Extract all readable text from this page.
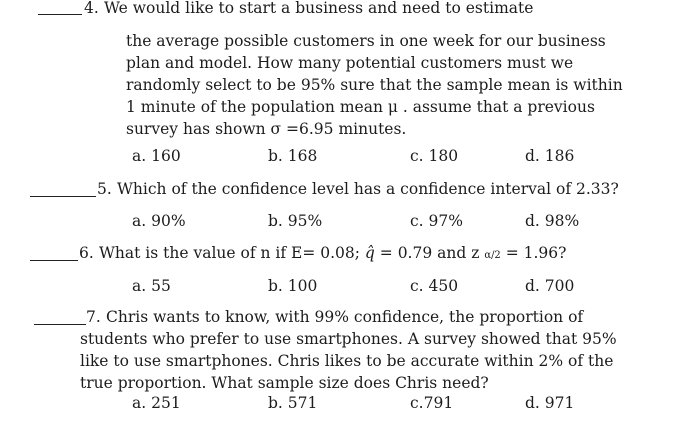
4. We would like to start a business and need to estimate
the average possible customers in one week for our business
plan and model. How many potential customers must we
randomly select to be 95% sure that the sample mean is within
1 minute of the population mean μ . assume that a previous
survey has shown σ =6.95 minutes.
a. 160	b. 168	c. 180	d. 186
5. Which of the confidence level has a confidence interval of 2.33?
a. 90%	b. 95%	c. 97%	d. 98%
6. What is the value of n if E= 0.08; q̂ = 0.79 and z α/2 = 1.96?
a. 55	b. 100	c. 450	d. 700
7. Chris wants to know, with 99% confidence, the proportion of
students who prefer to use smartphones. A survey showed that 95%
like to use smartphones. Chris likes to be accurate within 2% of the
true proportion. What sample size does Chris need?
a. 251	b. 571	c.791	d. 971
